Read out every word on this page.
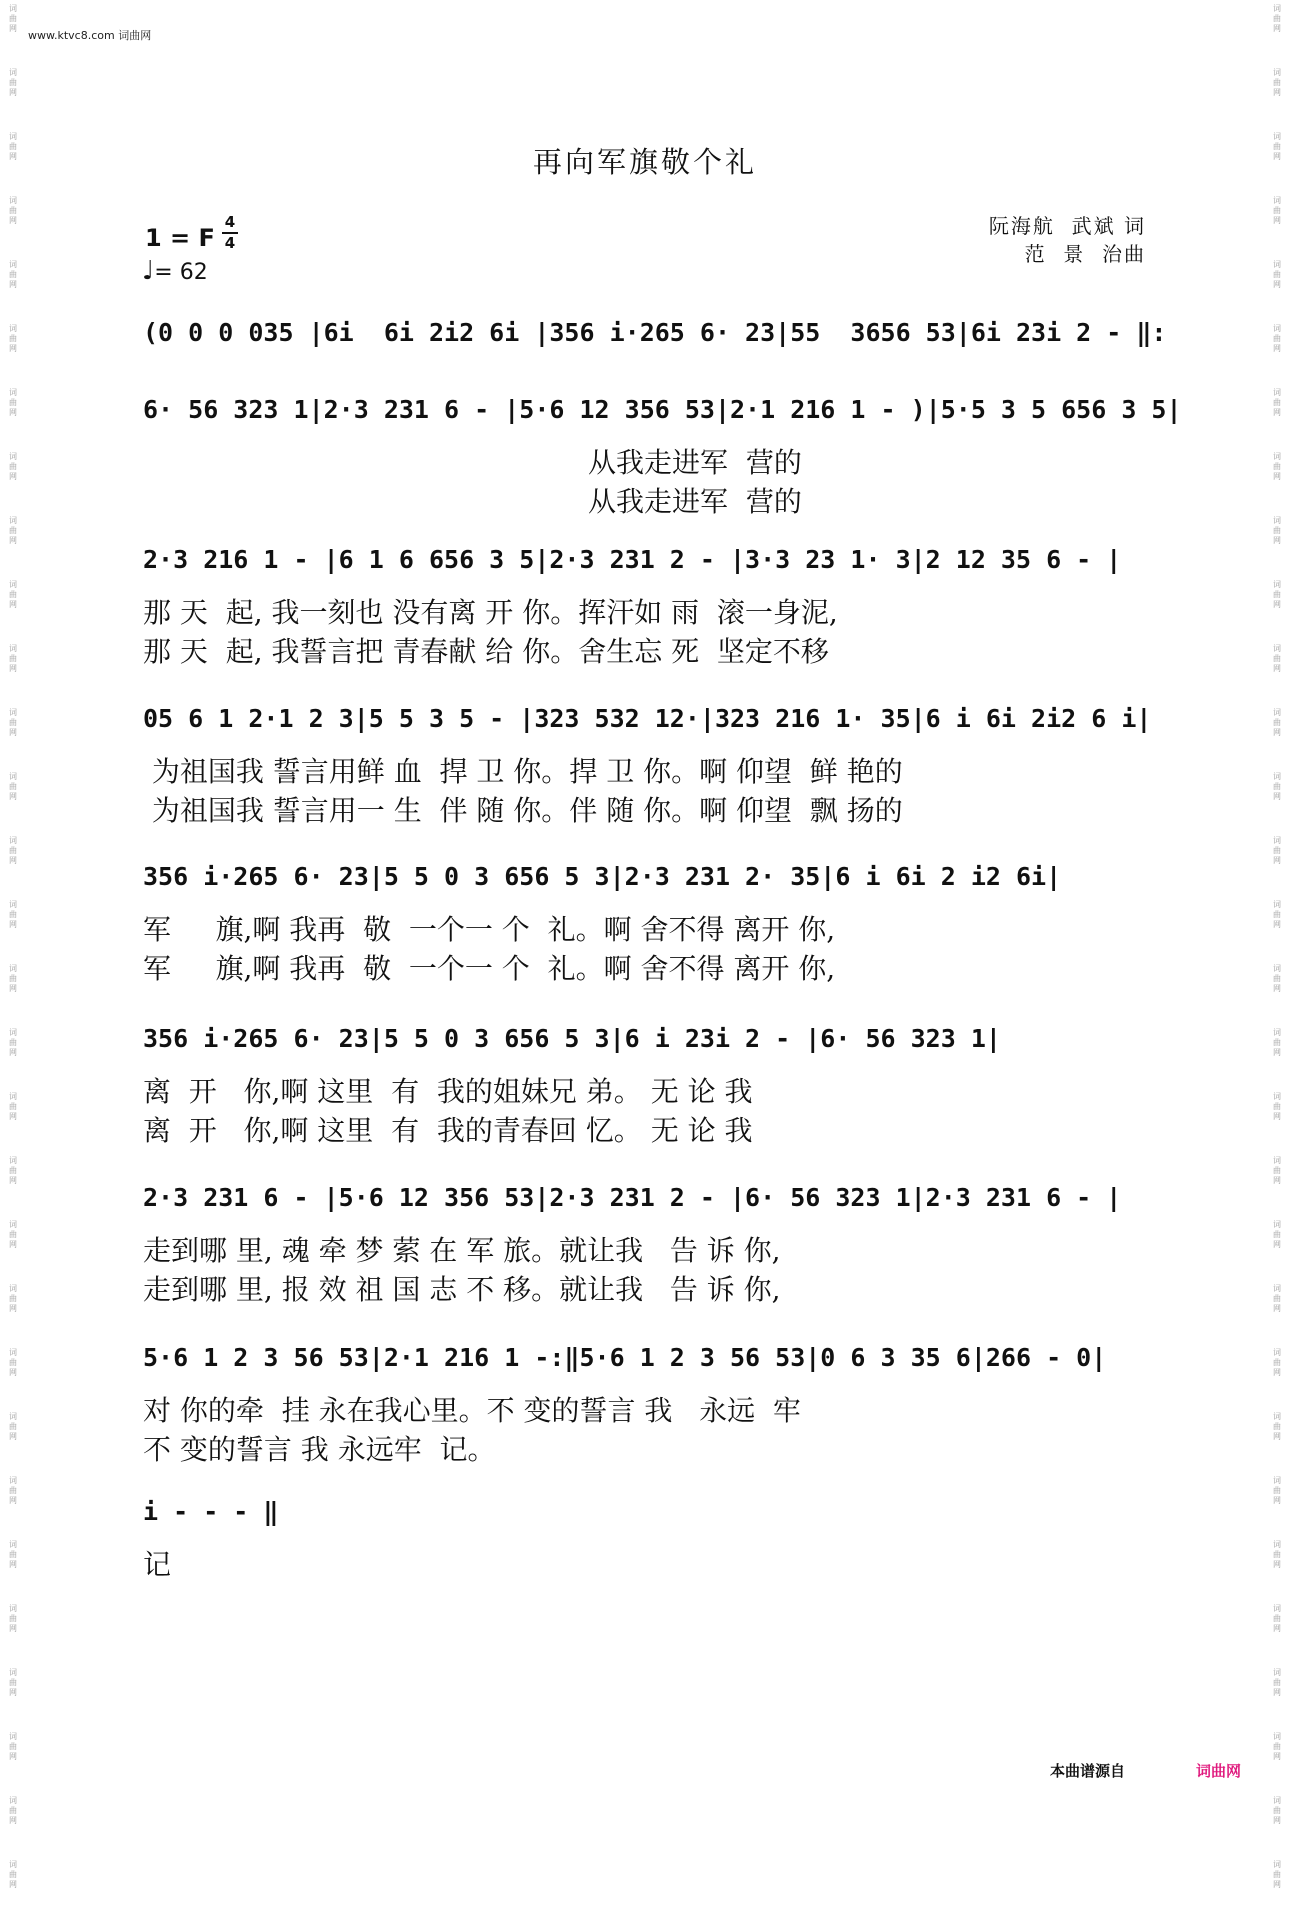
词
曲
网
词
曲
网
词
曲
网
词
曲
网
词
曲
网
词
曲
网
词
曲
网
词
曲
网
词
曲
网
词
曲
网
词
曲
网
词
曲
网
词
曲
网
词
曲
网
词
曲
网
词
曲
网
词
曲
网
词
曲
网
词
曲
网
词
曲
网
词
曲
网
词
曲
网
词
曲
网
词
曲
网
词
曲
网
词
曲
网
词
曲
网
词
曲
网
词
曲
网
词
曲
网
词
曲
网
词
曲
网
词
曲
网
词
曲
网
词
曲
网
词
曲
网
词
曲
网
词
曲
网
词
曲
网
词
曲
网
词
曲
网
词
曲
网
词
曲
网
词
曲
网
词
曲
网
词
曲
网
词
曲
网
词
曲
网
词
曲
网
词
曲
网
词
曲
网
词
曲
网
词
曲
网
词
曲
网
词
曲
网
词
曲
网
词
曲
网
词
曲
网
词
曲
网
词
曲
网
www.ktvc8.com 词曲网
再向军旗敬个礼
1 = F
4
4
♩= 62
阮海航  武斌 词
范  景  治曲
(0 0 0 035 |6i  6i 2i2 6i |356 i·265 6· 23|55  3656 53|6i 23i 2 - ‖:
6· 56 323 1|2·3 231 6 - |5·6 12 356 53|2·1 216 1 - )|5·5 3 5 656 3 5|
从我走进军  营的
从我走进军  营的
2·3 216 1 - |6 1 6 656 3 5|2·3 231 2 - |3·3 23 1· 3|2 12 35 6 - |
那 天  起, 我一刻也 没有离 开 你。挥汗如 雨  滚一身泥,
那 天  起, 我誓言把 青春献 给 你。舍生忘 死  坚定不移
05 6 1 2·1 2 3|5 5 3 5 - |323 532 12·|323 216 1· 35|6 i 6i 2i2 6 i|
为祖国我 誓言用鲜 血  捍 卫 你。捍 卫 你。啊 仰望  鲜 艳的
为祖国我 誓言用一 生  伴 随 你。伴 随 你。啊 仰望  飘 扬的
356 i·265 6· 23|5 5 0 3 656 5 3|2·3 231 2· 35|6 i 6i 2 i2 6i|
军     旗,啊 我再  敬  一个一 个  礼。啊 舍不得 离开 你,
军     旗,啊 我再  敬  一个一 个  礼。啊 舍不得 离开 你,
356 i·265 6· 23|5 5 0 3 656 5 3|6 i 23i 2 - |6· 56 323 1|
离  开   你,啊 这里  有  我的姐妹兄 弟。 无 论 我
离  开   你,啊 这里  有  我的青春回 忆。 无 论 我
2·3 231 6 - |5·6 12 356 53|2·3 231 2 - |6· 56 323 1|2·3 231 6 - |
走到哪 里, 魂 牵 梦 萦 在 军 旅。就让我   告 诉 你,
走到哪 里, 报 效 祖 国 志 不 移。就让我   告 诉 你,
5·6 1 2 3 56 53|2·1 216 1 -:‖5·6 1 2 3 56 53|0 6 3 35 6|266 - 0|
对 你的牵  挂 永在我心里。不 变的誓言 我   永远  牢
不 变的誓言 我 永远牢  记。
i - - - ‖
记
本曲谱源自	词曲网
